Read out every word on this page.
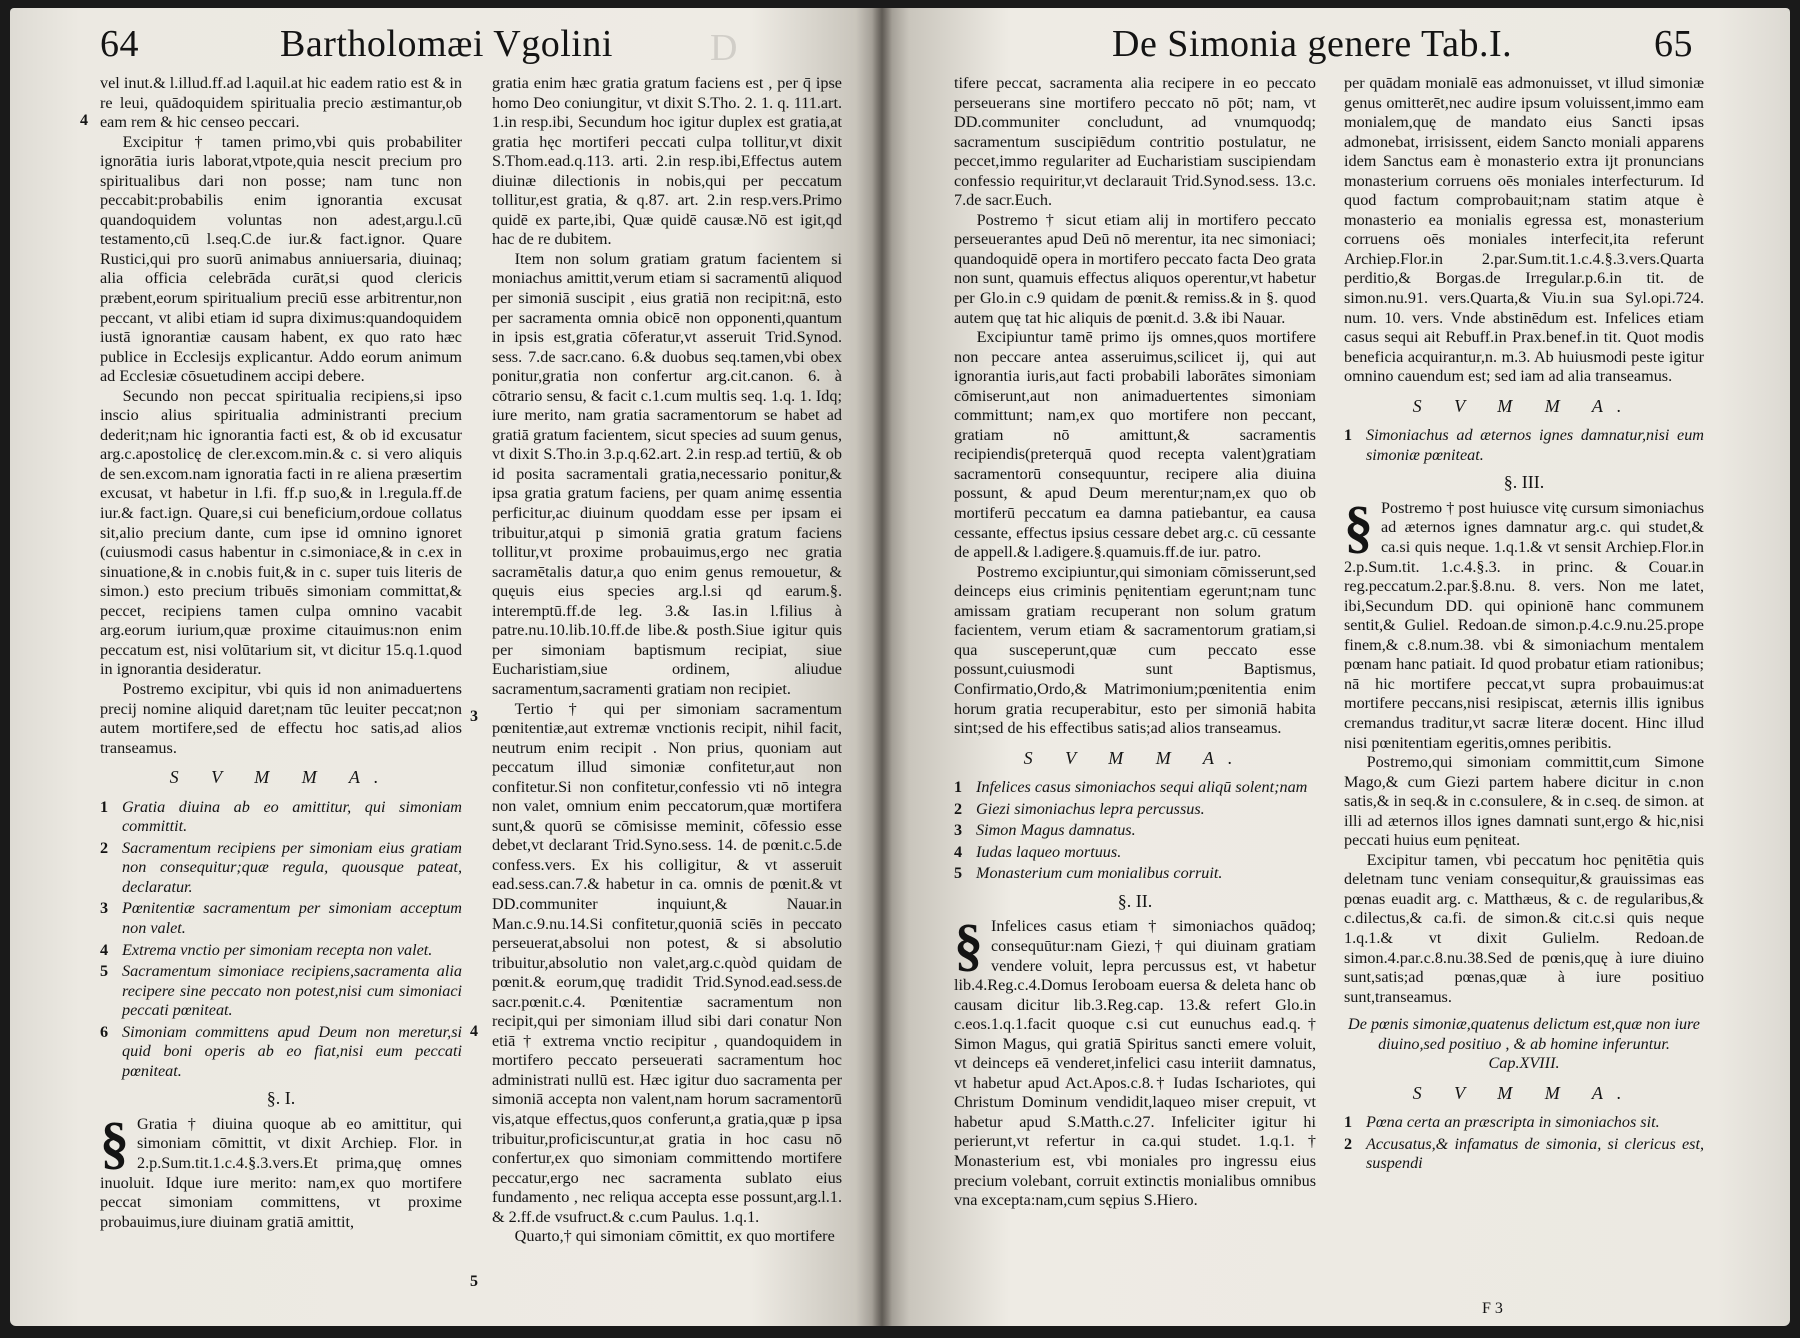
D
64	Bartholomæi Vgolini
4
3
4
5

vel inut.& l.illud.ff.ad l.aquil.at hic eadem ratio est & in re leui, quādoquidem spiritualia precio æstimantur,ob eam rem & hic censeo peccari.

Excipitur † tamen primo,vbi quis probabiliter ignorātia iuris laborat,vtpote,quia nescit precium pro spiritualibus dari non posse; nam tunc non peccabit:probabilis enim ignorantia excusat quandoquidem voluntas non adest,argu.l.cū testamento,cū l.seq.C.de iur.& fact.ignor. Quare Rustici,qui pro suorū animabus anniuersaria, diuinaq; alia officia celebrāda curāt,si quod clericis præbent,eorum spiritualium preciū esse arbitrentur,non peccant, vt alibi etiam id supra diximus:quandoquidem iustā ignorantiæ causam habent, ex quo rato hæc publice in Ecclesijs explicantur. Addo eorum animum ad Ecclesiæ cōsuetudinem accipi debere.

Secundo non peccat spiritualia recipiens,si ipso inscio alius spiritualia administranti precium dederit;nam hic ignorantia facti est, & ob id excusatur arg.c.apostolicę de cler.excom.min.& c. si vero aliquis de sen.excom.nam ignoratia facti in re aliena præsertim excusat, vt habetur in l.fi. ff.p suo,& in l.regula.ff.de iur.& fact.ign. Quare,si cui beneficium,ordoue collatus sit,alio precium dante, cum ipse id omnino ignoret (cuiusmodi casus habentur in c.simoniace,& in c.ex in sinuatione,& in c.nobis fuit,& in c. super tuis literis de simon.) esto precium tribuēs simoniam committat,& peccet, recipiens tamen culpa omnino vacabit arg.eorum iurium,quæ proxime citauimus:non enim peccatum est, nisi volūtarium sit, vt dicitur 15.q.1.quod in ignorantia desideratur.

Postremo excipitur, vbi quis id non animaduertens precij nomine aliquid daret;nam tūc leuiter peccat;non autem mortifere,sed de effectu hoc satis,ad alios transeamus.

S V M M A.
1 Gratia diuina ab eo amittitur, qui simoniam committit.
2 Sacramentum recipiens per simoniam eius gratiam non consequitur;quæ regula, quousque pateat, declaratur.
3 Pœnitentiæ sacramentum per simoniam acceptum non valet.
4 Extrema vnctio per simoniam recepta non valet.
5 Sacramentum simoniace recipiens,sacramenta alia recipere sine peccato non potest,nisi cum simoniaci peccati pœniteat.
6 Simoniam committens apud Deum non meretur,si quid boni operis ab eo fiat,nisi eum peccati pœniteat.
§. I.

§ Gratia † diuina quoque ab eo amittitur, qui simoniam cōmittit, vt dixit Archiep. Flor. in 2.p.Sum.tit.1.c.4.§.3.vers.Et prima,quę omnes inuoluit. Idque iure merito: nam,ex quo mortifere peccat simoniam committens, vt proxime probauimus,iure diuinam gratiā amittit,

gratia enim hæc gratia gratum faciens est , per q̄ ipse homo Deo coniungitur, vt dixit S.Tho. 2. 1. q. 111.art. 1.in resp.ibi, Secundum hoc igitur duplex est gratia,at gratia hęc mortiferi peccati culpa tollitur,vt dixit S.Thom.ead.q.113. arti. 2.in resp.ibi,Effectus autem diuinæ dilectionis in nobis,qui per peccatum tollitur,est gratia, & q.87. art. 2.in resp.vers.Primo quidē ex parte,ibi, Quæ quidē causæ.Nō est igit,qd hac de re dubitem.

Item non solum gratiam gratum facientem si moniachus amittit,verum etiam si sacramentū aliquod per simoniā suscipit , eius gratiā non recipit:nā, esto per sacramenta omnia obicē non opponenti,quantum in ipsis est,gratia cōferatur,vt asseruit Trid.Synod. sess. 7.de sacr.cano. 6.& duobus seq.tamen,vbi obex ponitur,gratia non confertur arg.cit.canon. 6. à cōtrario sensu, & facit c.1.cum multis seq. 1.q. 1. Idq; iure merito, nam gratia sacramentorum se habet ad gratiā gratum facientem, sicut species ad suum genus, vt dixit S.Tho.in 3.p.q.62.art. 2.in resp.ad tertiū, & ob id posita sacramentali gratia,necessario ponitur,& ipsa gratia gratum faciens, per quam animę essentia perficitur,ac diuinum quoddam esse per ipsam ei tribuitur,atqui p simoniā gratia gratum faciens tollitur,vt proxime probauimus,ergo nec gratia sacramētalis datur,a quo enim genus remouetur, & quęuis eius species arg.l.si qd earum.§. interemptū.ff.de leg. 3.& Ias.in l.filius à patre.nu.10.lib.10.ff.de libe.& posth.Siue igitur quis per simoniam baptismum recipiat, siue Eucharistiam,siue ordinem, aliudue sacramentum,sacramenti gratiam non recipiet.

Tertio † qui per simoniam sacramentum pœnitentiæ,aut extremæ vnctionis recipit, nihil facit, neutrum enim recipit . Non prius, quoniam aut peccatum illud simoniæ confitetur,aut non confitetur.Si non confitetur,confessio vti nō integra non valet, omnium enim peccatorum,quæ mortifera sunt,& quorū se cōmisisse meminit, cōfessio esse debet,vt declarant Trid.Syno.sess. 14. de pœnit.c.5.de confess.vers. Ex his colligitur, & vt asseruit ead.sess.can.7.& habetur in ca. omnis de pœnit.& vt DD.communiter inquiunt,& Nauar.in Man.c.9.nu.14.Si confitetur,quoniā sciēs in peccato perseuerat,absolui non potest, & si absolutio tribuitur,absolutio non valet,arg.c.quòd quidam de pœnit.& eorum,quę tradidit Trid.Synod.ead.sess.de sacr.pœnit.c.4. Pœnitentiæ sacramentum non recipit,qui per simoniam illud sibi dari conatur Non etiā † extrema vnctio recipitur , quandoquidem in mortifero peccato perseuerati sacramentum hoc administrati nullū est. Hæc igitur duo sacramenta per simoniā accepta non valent,nam horum sacramentorū vis,atque effectus,quos conferunt,a gratia,quæ p ipsa tribuitur,proficiscuntur,at gratia in hoc casu nō confertur,ex quo simoniam committendo mortifere peccatur,ergo nec sacramenta sublato eius fundamento , nec reliqua accepta esse possunt,arg.l.1. & 2.ff.de vsufruct.& c.cum Paulus. 1.q.1.

Quarto,† qui simoniam cōmittit, ex quo mortifere

De Simonia genere Tab.I.	65

tifere peccat, sacramenta alia recipere in eo peccato perseuerans sine mortifero peccato nō pōt; nam, vt DD.communiter concludunt, ad vnumquodq; sacramentum suscipiēdum contritio postulatur, ne peccet,immo regulariter ad Eucharistiam suscipiendam confessio requiritur,vt declarauit Trid.Synod.sess. 13.c. 7.de sacr.Euch.

Postremo † sicut etiam alij in mortifero peccato perseuerantes apud Deū nō merentur, ita nec simoniaci; quandoquidē opera in mortifero peccato facta Deo grata non sunt, quamuis effectus aliquos operentur,vt habetur per Glo.in c.9 quidam de pœnit.& remiss.& in §. quod autem quę tat hic aliquis de pœnit.d. 3.& ibi Nauar.

Excipiuntur tamē primo ijs omnes,quos mortifere non peccare antea asseruimus,scilicet ij, qui aut ignorantia iuris,aut facti probabili laborātes simoniam cōmiserunt,aut non animaduertentes simoniam committunt; nam,ex quo mortifere non peccant, gratiam nō amittunt,& sacramentis recipiendis(preterquā quod recepta valent)gratiam sacramentorū consequuntur, recipere alia diuina possunt, & apud Deum merentur;nam,ex quo ob mortiferū peccatum ea damna patiebantur, ea causa cessante, effectus ipsius cessare debet arg.c. cū cessante de appell.& l.adigere.§.quamuis.ff.de iur. patro.

Postremo excipiuntur,qui simoniam cōmisserunt,sed deinceps eius criminis pęnitentiam egerunt;nam tunc amissam gratiam recuperant non solum gratum facientem, verum etiam & sacramentorum gratiam,si qua susceperunt,quæ cum peccato esse possunt,cuiusmodi sunt Baptismus, Confirmatio,Ordo,& Matrimonium;pœnitentia enim horum gratia recuperabitur, esto per simoniā habita sint;sed de his effectibus satis;ad alios transeamus.

S V M M A.
1 Infelices casus simoniachos sequi aliqū solent;nam
2 Giezi simoniachus lepra percussus.
3 Simon Magus damnatus.
4 Iudas laqueo mortuus.
5 Monasterium cum monialibus corruit.
§. II.

§ Infelices casus etiam † simoniachos quādoq; consequūtur:nam Giezi,† qui diuinam gratiam vendere voluit, lepra percussus est, vt habetur lib.4.Reg.c.4.Domus Ieroboam euersa & deleta hanc ob causam dicitur lib.3.Reg.cap. 13.& refert Glo.in c.eos.1.q.1.facit quoque c.si cut eunuchus ead.q.† Simon Magus, qui gratiā Spiritus sancti emere voluit, vt deinceps eā venderet,infelici casu interiit damnatus, vt habetur apud Act.Apos.c.8.† Iudas Ischariotes, qui Christum Dominum vendidit,laqueo miser crepuit, vt habetur apud S.Matth.c.27. Infeliciter igitur hi perierunt,vt refertur in ca.qui studet. 1.q.1.† Monasterium est, vbi moniales pro ingressu eius precium volebant, corruit extinctis monialibus omnibus vna excepta:nam,cum sępius S.Hiero.

per quādam monialē eas admonuisset, vt illud simoniæ genus omitterēt,nec audire ipsum voluissent,immo eam monialem,quę de mandato eius Sancti ipsas admonebat, irrisissent, eidem Sancto moniali apparens idem Sanctus eam è monasterio extra ijt pronuncians monasterium corruens oēs moniales interfecturum. Id quod factum comprobauit;nam statim atque è monasterio ea monialis egressa est, monasterium corruens oēs moniales interfecit,ita referunt Archiep.Flor.in 2.par.Sum.tit.1.c.4.§.3.vers.Quarta perditio,& Borgas.de Irregular.p.6.in tit. de simon.nu.91. vers.Quarta,& Viu.in sua Syl.opi.724. num. 10. vers. Vnde abstinēdum est. Infelices etiam casus sequi ait Rebuff.in Prax.benef.in tit. Quot modis beneficia acquirantur,n. m.3. Ab huiusmodi peste igitur omnino cauendum est; sed iam ad alia transeamus.

S V M M A.
1 Simoniachus ad æternos ignes damnatur,nisi eum simoniæ pœniteat.
§. III.

§ Postremo † post huiusce vitę cursum simoniachus ad æternos ignes damnatur arg.c. qui studet,& ca.si quis neque. 1.q.1.& vt sensit Archiep.Flor.in 2.p.Sum.tit. 1.c.4.§.3. in princ. & Couar.in reg.peccatum.2.par.§.8.nu. 8. vers. Non me latet, ibi,Secundum DD. qui opinionē hanc communem sentit,& Guliel. Redoan.de simon.p.4.c.9.nu.25.prope finem,& c.8.num.38. vbi & simoniachum mentalem pœnam hanc patiait. Id quod probatur etiam rationibus; nā hic mortifere peccat,vt supra probauimus:at mortifere peccans,nisi resipiscat, æternis illis ignibus cremandus traditur,vt sacræ literæ docent. Hinc illud nisi pœnitentiam egeritis,omnes peribitis.

Postremo,qui simoniam committit,cum Simone Mago,& cum Giezi partem habere dicitur in c.non satis,& in seq.& in c.consulere, & in c.seq. de simon. at illi ad æternos illos ignes damnati sunt,ergo & hic,nisi peccati huius eum pęniteat.

Excipitur tamen, vbi peccatum hoc pęnitētia quis deletnam tunc veniam consequitur,& grauissimas eas pœnas euadit arg. c. Matthæus, & c. de regularibus,& c.dilectus,& ca.fi. de simon.& cit.c.si quis neque 1.q.1.& vt dixit Gulielm. Redoan.de simon.4.par.c.8.nu.38.Sed de pœnis,quę à iure diuino sunt,satis;ad pœnas,quæ à iure positiuo sunt,transeamus.

De pœnis simoniæ,quatenus delictum est,quæ non iure diuino,sed positiuo , & ab homine inferuntur. Cap.XVIII.
S V M M A.
1 Pœna certa an præscripta in simoniachos sit.
2 Accusatus,& infamatus de simonia, si clericus est, suspendi
F 3
